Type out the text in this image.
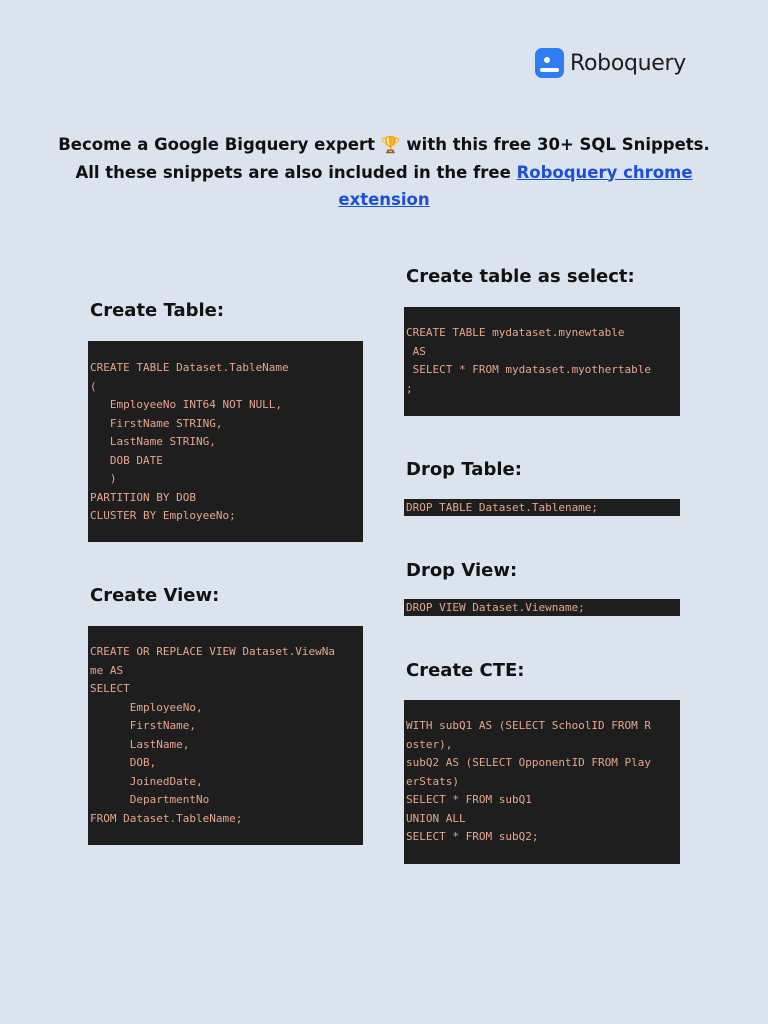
Roboquery
Become a Google Bigquery expert 🏆 with this free 30+ SQL Snippets.
All these snippets are also included in the free Roboquery chrome
extension
Create Table:
CREATE TABLE Dataset.TableName
(
EmployeeNo INT64 NOT NULL,
FirstName STRING,
LastName STRING,
DOB DATE
)
PARTITION BY DOB
CLUSTER BY EmployeeNo;
Create View:
CREATE OR REPLACE VIEW Dataset.ViewNa
me AS
SELECT
EmployeeNo,
FirstName,
LastName,
DOB,
JoinedDate,
DepartmentNo
FROM Dataset.TableName;
Create table as select:
CREATE TABLE mydataset.mynewtable
AS
SELECT * FROM mydataset.myothertable
;
Drop Table:
DROP TABLE Dataset.Tablename;
Drop View:
DROP VIEW Dataset.Viewname;
Create CTE:
WITH subQ1 AS (SELECT SchoolID FROM R
oster),
subQ2 AS (SELECT OpponentID FROM Play
erStats)
SELECT * FROM subQ1
UNION ALL
SELECT * FROM subQ2;
